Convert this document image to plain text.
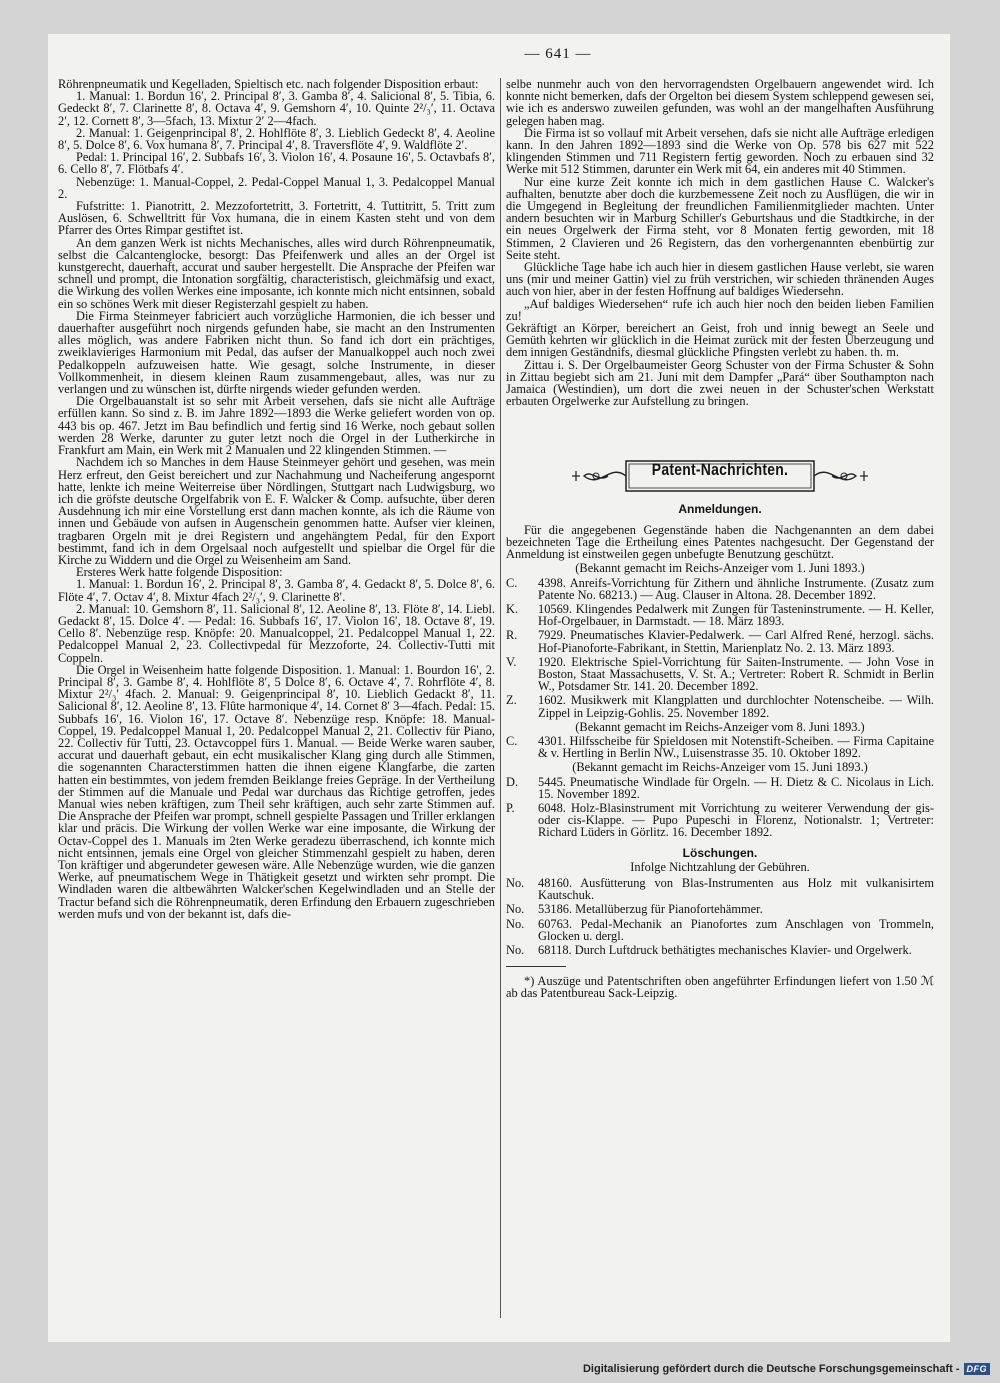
— 641 —

Röhrenpneumatik und Kegelladen, Spieltisch etc. nach folgender Disposition erbaut:

1. Manual: 1. Bordun 16′, 2. Principal 8′, 3. Gamba 8′, 4. Salicional 8′, 5. Tibia, 6. Gedeckt 8′, 7. Clarinette 8′, 8. Octava 4′, 9. Gemshorn 4′, 10. Quinte 2²/₃′, 11. Octava 2′, 12. Cornett 8′, 3—5fach, 13. Mixtur 2′ 2—4fach.

2. Manual: 1. Geigenprincipal 8′, 2. Hohlflöte 8′, 3. Lieblich Gedeckt 8′, 4. Aeoline 8′, 5. Dolce 8′, 6. Vox humana 8′, 7. Principal 4′, 8. Traversflöte 4′, 9. Waldflöte 2′.

Pedal: 1. Principal 16′, 2. Subbafs 16′, 3. Violon 16′, 4. Posaune 16′, 5. Octavbafs 8′, 6. Cello 8′, 7. Flötbafs 4′.

Nebenzüge: 1. Manual-Coppel, 2. Pedal-Coppel Manual 1, 3. Pedalcoppel Manual 2.

Fufstritte: 1. Pianotritt, 2. Mezzofortetritt, 3. Fortetritt, 4. Tuttitritt, 5. Tritt zum Auslösen, 6. Schwelltritt für Vox humana, die in einem Kasten steht und von dem Pfarrer des Ortes Rimpar gestiftet ist.

An dem ganzen Werk ist nichts Mechanisches, alles wird durch Röhrenpneumatik, selbst die Calcantenglocke, besorgt: Das Pfeifenwerk und alles an der Orgel ist kunstgerecht, dauerhaft, accurat und sauber hergestellt. Die Ansprache der Pfeifen war schnell und prompt, die Intonation sorgfältig, characteristisch, gleichmäfsig und exact, die Wirkung des vollen Werkes eine imposante, ich konnte mich nicht entsinnen, sobald ein so schönes Werk mit dieser Registerzahl gespielt zu haben.

Die Firma Steinmeyer fabriciert auch vorzügliche Harmonien, die ich besser und dauerhafter ausgeführt noch nirgends gefunden habe, sie macht an den Instrumenten alles möglich, was andere Fabriken nicht thun. So fand ich dort ein prächtiges, zweiklavieriges Harmonium mit Pedal, das aufser der Manualkoppel auch noch zwei Pedalkoppeln aufzuweisen hatte. Wie gesagt, solche Instrumente, in dieser Vollkommenheit, in diesem kleinen Raum zusammengebaut, alles, was nur zu verlangen und zu wünschen ist, dürfte nirgends wieder gefunden werden.

Die Orgelbauanstalt ist so sehr mit Arbeit versehen, dafs sie nicht alle Aufträge erfüllen kann. So sind z. B. im Jahre 1892—1893 die Werke geliefert worden von op. 443 bis op. 467. Jetzt im Bau befindlich und fertig sind 16 Werke, noch gebaut sollen werden 28 Werke, darunter zu guter letzt noch die Orgel in der Lutherkirche in Frankfurt am Main, ein Werk mit 2 Manualen und 22 klingenden Stimmen. —

Nachdem ich so Manches in dem Hause Steinmeyer gehört und gesehen, was mein Herz erfreut, den Geist bereichert und zur Nachahmung und Nacheiferung angespornt hatte, lenkte ich meine Weiterreise über Nördlingen, Stuttgart nach Ludwigsburg, wo ich die gröfste deutsche Orgelfabrik von E. F. Walcker & Comp. aufsuchte, über deren Ausdehnung ich mir eine Vorstellung erst dann machen konnte, als ich die Räume von innen und Gebäude von aufsen in Augenschein genommen hatte. Aufser vier kleinen, tragbaren Orgeln mit je drei Registern und angehängtem Pedal, für den Export bestimmt, fand ich in dem Orgelsaal noch aufgestellt und spielbar die Orgel für die Kirche zu Widdern und die Orgel zu Weisenheim am Sand.

Ersteres Werk hatte folgende Disposition:

1. Manual: 1. Bordun 16′, 2. Principal 8′, 3. Gamba 8′, 4. Gedackt 8′, 5. Dolce 8′, 6. Flöte 4′, 7. Octav 4′, 8. Mixtur 4fach 2²/₃′, 9. Clarinette 8′.

2. Manual: 10. Gemshorn 8′, 11. Salicional 8′, 12. Aeoline 8′, 13. Flöte 8′, 14. Liebl. Gedackt 8′, 15. Dolce 4′. — Pedal: 16. Subbafs 16′, 17. Violon 16′, 18. Octave 8′, 19. Cello 8′. Nebenzüge resp. Knöpfe: 20. Manualcoppel, 21. Pedalcoppel Manual 1, 22. Pedalcoppel Manual 2, 23. Collectivpedal für Mezzoforte, 24. Collectiv-Tutti mit Coppeln.

Die Orgel in Weisenheim hatte folgende Disposition. 1. Manual: 1. Bourdon 16′, 2. Principal 8′, 3. Gambe 8′, 4. Hohlflöte 8′, 5 Dolce 8′, 6. Octave 4′, 7. Rohrflöte 4′, 8. Mixtur 2²/₃′ 4fach. 2. Manual: 9. Geigenprincipal 8′, 10. Lieblich Gedackt 8′, 11. Salicional 8′, 12. Aeoline 8′, 13. Flûte harmonique 4′, 14. Cornet 8′ 3—4fach. Pedal: 15. Subbafs 16′, 16. Violon 16′, 17. Octave 8′. Nebenzüge resp. Knöpfe: 18. Manual-Coppel, 19. Pedalcoppel Manual 1, 20. Pedalcoppel Manual 2, 21. Collectiv für Piano, 22. Collectiv für Tutti, 23. Octavcoppel fürs 1. Manual. — Beide Werke waren sauber, accurat und dauerhaft gebaut, ein echt musikalischer Klang ging durch alle Stimmen, die sogenannten Characterstimmen hatten die ihnen eigene Klangfarbe, die zarten hatten ein bestimmtes, von jedem fremden Beiklange freies Gepräge. In der Vertheilung der Stimmen auf die Manuale und Pedal war durchaus das Richtige getroffen, jedes Manual wies neben kräftigen, zum Theil sehr kräftigen, auch sehr zarte Stimmen auf. Die Ansprache der Pfeifen war prompt, schnell gespielte Passagen und Triller erklangen klar und präcis. Die Wirkung der vollen Werke war eine imposante, die Wirkung der Octav-Coppel des 1. Manuals im 2ten Werke geradezu überraschend, ich konnte mich nicht entsinnen, jemals eine Orgel von gleicher Stimmenzahl gespielt zu haben, deren Ton kräftiger und abgerundeter gewesen wäre. Alle Nebenzüge wurden, wie die ganzen Werke, auf pneumatischem Wege in Thätigkeit gesetzt und wirkten sehr prompt. Die Windladen waren die altbewährten Walcker'schen Kegelwindladen und an Stelle der Tractur befand sich die Röhrenpneumatik, deren Erfindung den Erbauern zugeschrieben werden mufs und von der bekannt ist, dafs die-

selbe nunmehr auch von den hervorragendsten Orgelbauern angewendet wird. Ich konnte nicht bemerken, dafs der Orgelton bei diesem System schleppend gewesen sei, wie ich es anderswo zuweilen gefunden, was wohl an der mangelhaften Ausführung gelegen haben mag.

Die Firma ist so vollauf mit Arbeit versehen, dafs sie nicht alle Aufträge erledigen kann. In den Jahren 1892—1893 sind die Werke von Op. 578 bis 627 mit 522 klingenden Stimmen und 711 Registern fertig geworden. Noch zu erbauen sind 32 Werke mit 512 Stimmen, darunter ein Werk mit 64, ein anderes mit 40 Stimmen.

Nur eine kurze Zeit konnte ich mich in dem gastlichen Hause C. Walcker's aufhalten, benutzte aber doch die kurzbemessene Zeit noch zu Ausflügen, die wir in die Umgegend in Begleitung der freundlichen Familienmitglieder machten. Unter andern besuchten wir in Marburg Schiller's Geburtshaus und die Stadtkirche, in der ein neues Orgelwerk der Firma steht, vor 8 Monaten fertig geworden, mit 18 Stimmen, 2 Clavieren und 26 Registern, das den vorhergenannten ebenbürtig zur Seite steht.

Glückliche Tage habe ich auch hier in diesem gastlichen Hause verlebt, sie waren uns (mir und meiner Gattin) viel zu früh verstrichen, wir schieden thränenden Auges auch von hier, aber in der festen Hoffnung auf baldiges Wiedersehn.

„Auf baldiges Wiedersehen“ rufe ich auch hier noch den beiden lieben Familien zu!

Gekräftigt an Körper, bereichert an Geist, froh und innig bewegt an Seele und Gemüth kehrten wir glücklich in die Heimat zurück mit der festen Überzeugung und dem innigen Geständnifs, diesmal glückliche Pfingsten verlebt zu haben. th. m.

Zittau i. S. Der Orgelbaumeister Georg Schuster von der Firma Schuster & Sohn in Zittau begiebt sich am 21. Juni mit dem Dampfer „Pará“ über Southampton nach Jamaica (Westindien), um dort die zwei neuen in der Schuster'schen Werkstatt erbauten Orgelwerke zur Aufstellung zu bringen.

Patent-Nachrichten.
Anmeldungen.

Für die angegebenen Gegenstände haben die Nachgenannten an dem dabei bezeichneten Tage die Ertheilung eines Patentes nachgesucht. Der Gegenstand der Anmeldung ist einstweilen gegen unbefugte Benutzung geschützt.

(Bekannt gemacht im Reichs-Anzeiger vom 1. Juni 1893.)
C.	4398. Anreifs-Vorrichtung für Zithern und ähnliche Instrumente. (Zusatz zum Patente No. 68213.) — Aug. Clauser in Altona. 28. December 1892.
K.	10569. Klingendes Pedalwerk mit Zungen für Tasteninstrumente. — H. Keller, Hof-Orgelbauer, in Darmstadt. — 18. März 1893.
R.	7929. Pneumatisches Klavier-Pedalwerk. — Carl Alfred René, herzogl. sächs. Hof-Pianoforte-Fabrikant, in Stettin, Marienplatz No. 2. 13. März 1893.
V.	1920. Elektrische Spiel-Vorrichtung für Saiten-Instrumente. — John Vose in Boston, Staat Massachusetts, V. St. A.; Vertreter: Robert R. Schmidt in Berlin W., Potsdamer Str. 141. 20. December 1892.
Z.	1602. Musikwerk mit Klangplatten und durchlochter Notenscheibe. — Wilh. Zippel in Leipzig-Gohlis. 25. November 1892.
(Bekannt gemacht im Reichs-Anzeiger vom 8. Juni 1893.)
C.	4301. Hilfsscheibe für Spieldosen mit Notenstift-Scheiben. — Firma Capitaine & v. Hertling in Berlin NW., Luisenstrasse 35. 10. Oktober 1892.
(Bekannt gemacht im Reichs-Anzeiger vom 15. Juni 1893.)
D.	5445. Pneumatische Windlade für Orgeln. — H. Dietz & C. Nicolaus in Lich. 15. November 1892.
P.	6048. Holz-Blasinstrument mit Vorrichtung zu weiterer Verwendung der gis- oder cis-Klappe. — Pupo Pupeschi in Florenz, Notionalstr. 1; Vertreter: Richard Lüders in Görlitz. 16. December 1892.
Löschungen.
Infolge Nichtzahlung der Gebühren.
No.	48160. Ausfütterung von Blas-Instrumenten aus Holz mit vulkanisirtem Kautschuk.
No.	53186. Metallüberzug für Pianofortehämmer.
No.	60763. Pedal-Mechanik an Pianofortes zum Anschlagen von Trommeln, Glocken u. dergl.
No.	68118. Durch Luftdruck bethätigtes mechanisches Klavier- und Orgelwerk.

*) Auszüge und Patentschriften oben angeführter Erfindungen liefert von 1.50 ℳ ab das Patentbureau Sack-Leipzig.

Digitalisierung gefördert durch die Deutsche Forschungsgemeinschaft - DFG
